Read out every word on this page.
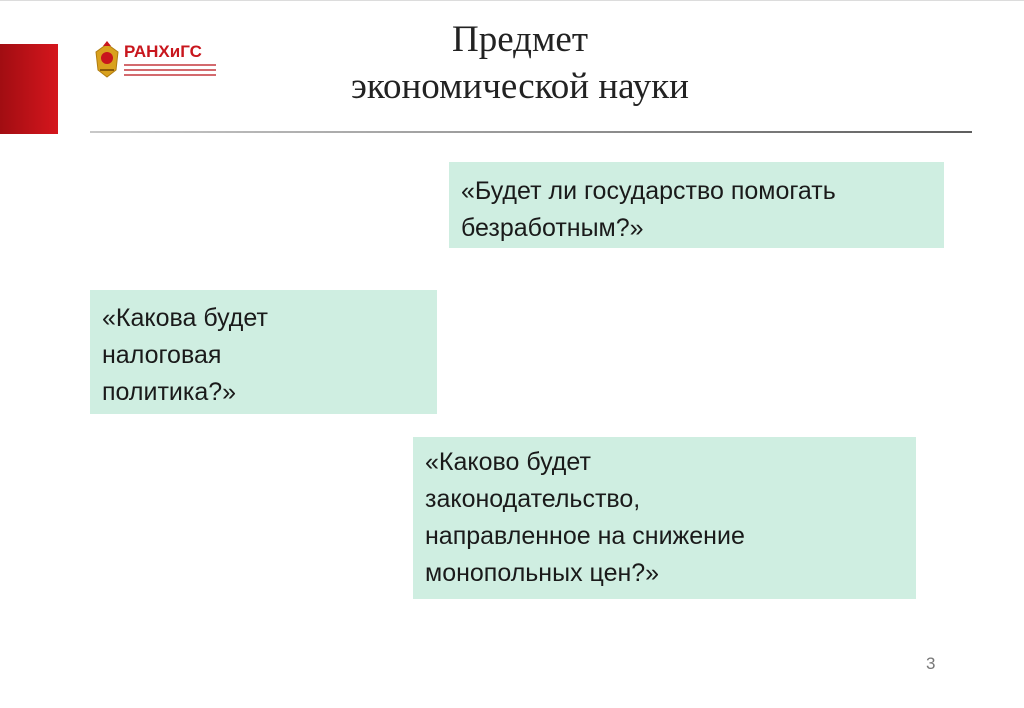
РАНХиГС	Предмет
экономической науки
«Будет ли государство помогать
безработным?»
«Какова будет
налоговая
политика?»
«Каково будет
законодательство,
направленное на снижение
монопольных цен?»
3
